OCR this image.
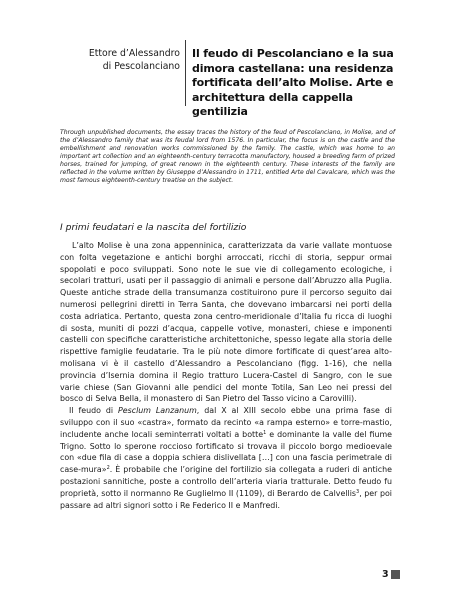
Ettore d’Alessandro
di Pescolanciano
Il feudo di Pescolanciano e la sua dimora castellana: una residenza fortificata dell’alto Molise. Arte e architettura della cappella gentilizia
Through unpublished documents, the essay traces the history of the feud of Pescolanciano, in Molise, and of the d’Alessandro family that was its feudal lord from 1576. In particular, the focus is on the castle and the embellishment and renovation works commissioned by the family. The castle, which was home to an important art collection and an eighteenth-century terracotta manufactory, housed a breeding farm of prized horses, trained for jumping, of great renown in the eighteenth century. These interests of the family are reflected in the volume written by Giuseppe d’Alessandro in 1711, entitled Arte del Cavalcare, which was the most famous eighteenth-century treatise on the subject.
I primi feudatari e la nascita del fortilizio

L’alto Molise è una zona appenninica, caratterizzata da varie vallate montuose con folta vegetazione e antichi borghi arroccati, ricchi di storia, seppur ormai spopolati e poco sviluppati. Sono note le sue vie di collegamento ecologiche, i secolari tratturi, usati per il passaggio di animali e persone dall’Abruzzo alla Puglia. Queste antiche strade della transumanza costituirono pure il percorso seguito dai numerosi pellegrini diretti in Terra Santa, che dovevano imbarcarsi nei porti della costa adriatica. Pertanto, questa zona centro-meridionale d’Italia fu ricca di luoghi di sosta, muniti di pozzi d’acqua, cappelle votive, monasteri, chiese e imponenti castelli con specifiche caratteristiche architettoniche, spesso legate alla storia delle rispettive famiglie feudatarie. Tra le più note dimore fortificate di quest’area alto-molisana vi è il castello d’Alessandro a Pescolanciano (figg. 1-16), che nella provincia d’Isernia domina il Regio tratturo Lucera-Castel di Sangro, con le sue varie chiese (San Giovanni alle pendici del monte Totila, San Leo nei pressi del bosco di Selva Bella, il monastero di San Pietro del Tasso vicino a Carovilli).

Il feudo di Pesclum Lanzanum, dal X al XIII secolo ebbe una prima fase di sviluppo con il suo «castra», formato da recinto «a rampa esterno» e torre-mastio, includente anche locali seminterrati voltati a botte$^1$ e dominante la valle del fiume Trigno. Sotto lo sperone roccioso fortificato si trovava il piccolo borgo medioevale con «due fila di case a doppia schiera dislivellata […] con una fascia perimetrale di case-mura»$^2$. È probabile che l’origine del fortilizio sia collegata a ruderi di antiche postazioni sannitiche, poste a controllo dell’arteria viaria tratturale. Detto feudo fu proprietà, sotto il normanno Re Guglielmo II (1109), di Berardo de Calvellis$^3$, per poi passare ad altri signori sotto i Re Federico II e Manfredi.

3
